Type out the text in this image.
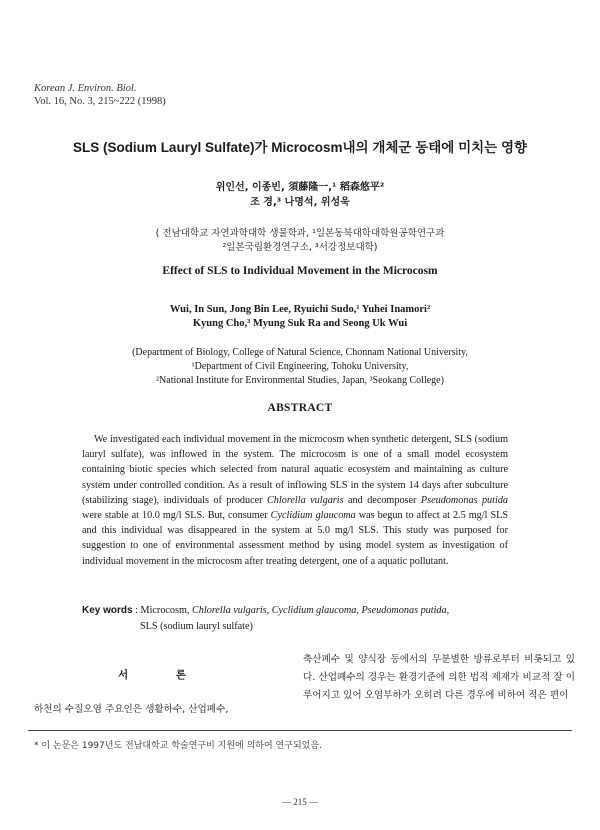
Korean J. Environ. Biol.
Vol. 16, No. 3, 215~222 (1998)
SLS (Sodium Lauryl Sulfate)가 Microcosm내의 개체군 동태에 미치는 영향
위인선, 이종빈, 須藤隆一,¹ 稻森悠平²
조 경,³ 나명석, 위성욱
( 전남대학교 자연과학대학 생물학과, ¹일본동북대학대학원공학연구과
²일본국립환경연구소, ³서강정보대학)
Effect of SLS to Individual Movement in the Microcosm
Wui, In Sun, Jong Bin Lee, Ryuichi Sudo,¹ Yuhei Inamori²
Kyung Cho,³ Myung Suk Ra and Seong Uk Wui
(Department of Biology, College of Natural Science, Chonnam National University,
¹Department of Civil Engineering, Tohoku University,
²National Institute for Environmental Studies, Japan, ³Seokang College)
ABSTRACT
We investigated each individual movement in the microcosm when synthetic detergent, SLS (sodium lauryl sulfate), was inflowed in the system. The microcosm is one of a small model ecosystem containing biotic species which selected from natural aquatic ecosystem and maintaining as culture system under controlled condition. As a result of inflowing SLS in the system 14 days after subculture (stabilizing stage), individuals of producer Chlorella vulgaris and decomposer Pseudomonas putida were stable at 10.0 mg/l SLS. But, consumer Cyclidium glaucoma was begun to affect at 2.5 mg/l SLS and this individual was disappeared in the system at 5.0 mg/l SLS. This study was purposed for suggestion to one of environmental assessment method by using model system as investigation of individual movement in the microcosm after treating detergent, one of a aquatic pollutant.
Key words : Microcosm, Chlorella vulgaris, Cyclidium glaucoma, Pseudomonas putida,
SLS (sodium lauryl sulfate)
서 론
하천의 수질오염 주요인은 생활하수, 산업폐수,
축산폐수 및 양식장 등에서의 무분별한 방류로부터 비롯되고 있다. 산업폐수의 경우는 환경기준에 의한 법적 제재가 비교적 잘 이루어지고 있어 오염부하가 오히려 다른 경우에 비하여 적은 편이
* 이 논문은 1997년도 전남대학교 학술연구비 지원에 의하여 연구되었음.
— 215 —
